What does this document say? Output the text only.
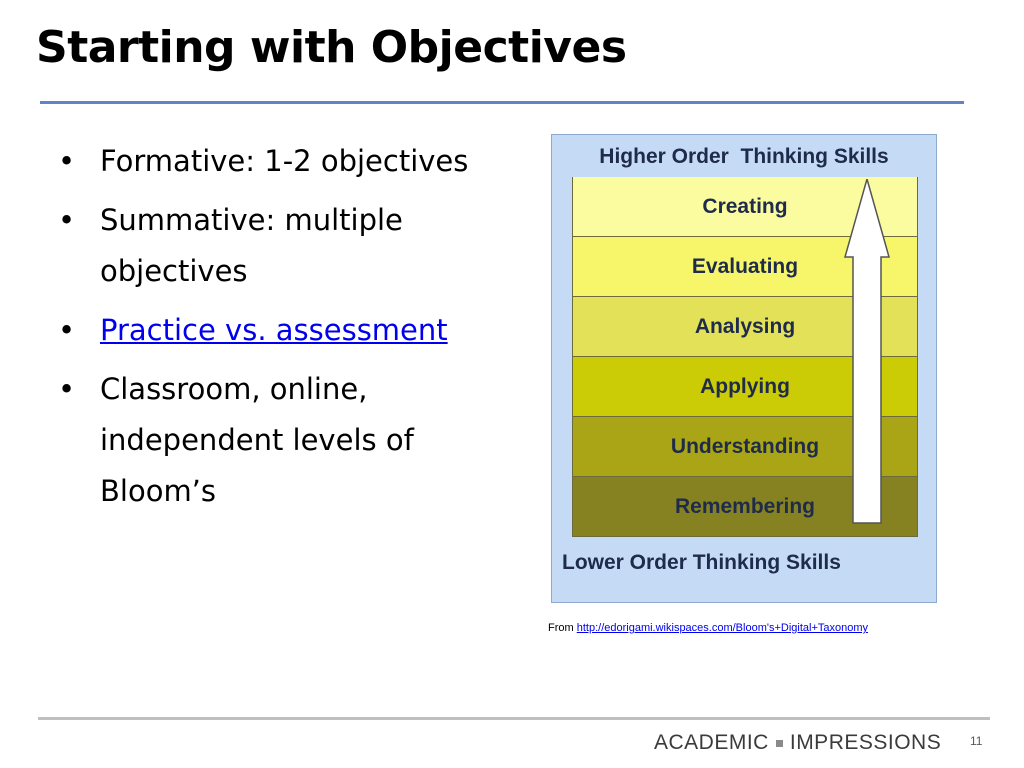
Starting with Objectives
• Formative: 1-2 objectives
• Summative: multiple objectives
• Practice vs. assessment
• Classroom, online, independent levels of Bloom’s
Higher Order  Thinking Skills
Creating
Evaluating
Analysing
Applying
Understanding
Remembering
Lower Order Thinking Skills
From http://edorigami.wikispaces.com/Bloom's+Digital+Taxonomy
ACADEMIC IMPRESSIONS 11
